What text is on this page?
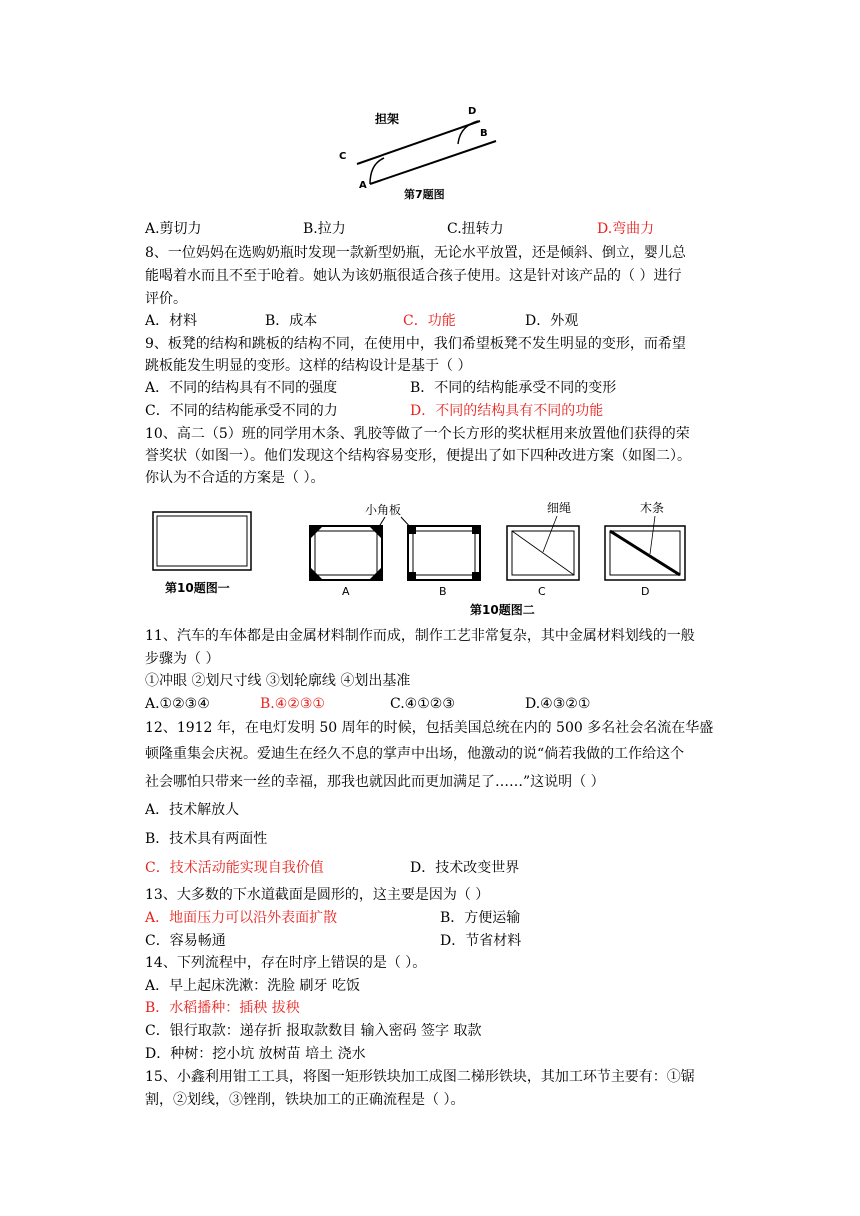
担架
D
B
C
A
第7题图
A.剪切力	B.拉力	C.扭转力	D.弯曲力
8、一位妈妈在选购奶瓶时发现一款新型奶瓶，无论水平放置，还是倾斜、倒立，婴儿总
能喝着水而且不至于呛着。她认为该奶瓶很适合孩子使用。这是针对该产品的（ ）进行
评价。
A．材料	B．成本	C．功能	D．外观
9、板凳的结构和跳板的结构不同，在使用中，我们希望板凳不发生明显的变形，而希望
跳板能发生明显的变形。这样的结构设计是基于（ ）
A．不同的结构具有不同的强度	B．不同的结构能承受不同的变形
C．不同的结构能承受不同的力	D．不同的结构具有不同的功能
10、高二（5）班的同学用木条、乳胶等做了一个长方形的奖状框用来放置他们获得的荣
誉奖状（如图一）。他们发现这个结构容易变形，便提出了如下四种改进方案（如图二）。
你认为不合适的方案是（ ）。
第10题图一	A	B
小角板	细绳
C
木条
D
第10题图二
11、汽车的车体都是由金属材料制作而成，制作工艺非常复杂，其中金属材料划线的一般
步骤为（ ）
①冲眼 ②划尺寸线 ③划轮廓线 ④划出基准
A.①②③④	B.④②③①	C.④①②③	D.④③②①
12、1912 年，在电灯发明 50 周年的时候，包括美国总统在内的 500 多名社会名流在华盛
顿隆重集会庆祝。爱迪生在经久不息的掌声中出场，他激动的说“倘若我做的工作给这个
社会哪怕只带来一丝的幸福，那我也就因此而更加满足了……”这说明（ ）
A．技术解放人
B．技术具有两面性
C．技术活动能实现自我价值	D．技术改变世界
13、大多数的下水道截面是圆形的，这主要是因为（ ）
A．地面压力可以沿外表面扩散	B．方便运输
C．容易畅通	D．节省材料
14、下列流程中，存在时序上错误的是（ ）。
A．早上起床洗漱：洗脸 刷牙 吃饭
B．水稻播种：插秧 拔秧
C．银行取款：递存折 报取款数目 输入密码 签字 取款
D．种树：挖小坑 放树苗 培土 浇水
15、小鑫利用钳工工具，将图一矩形铁块加工成图二梯形铁块，其加工环节主要有：①锯
割，②划线，③锉削，铁块加工的正确流程是（ ）。
